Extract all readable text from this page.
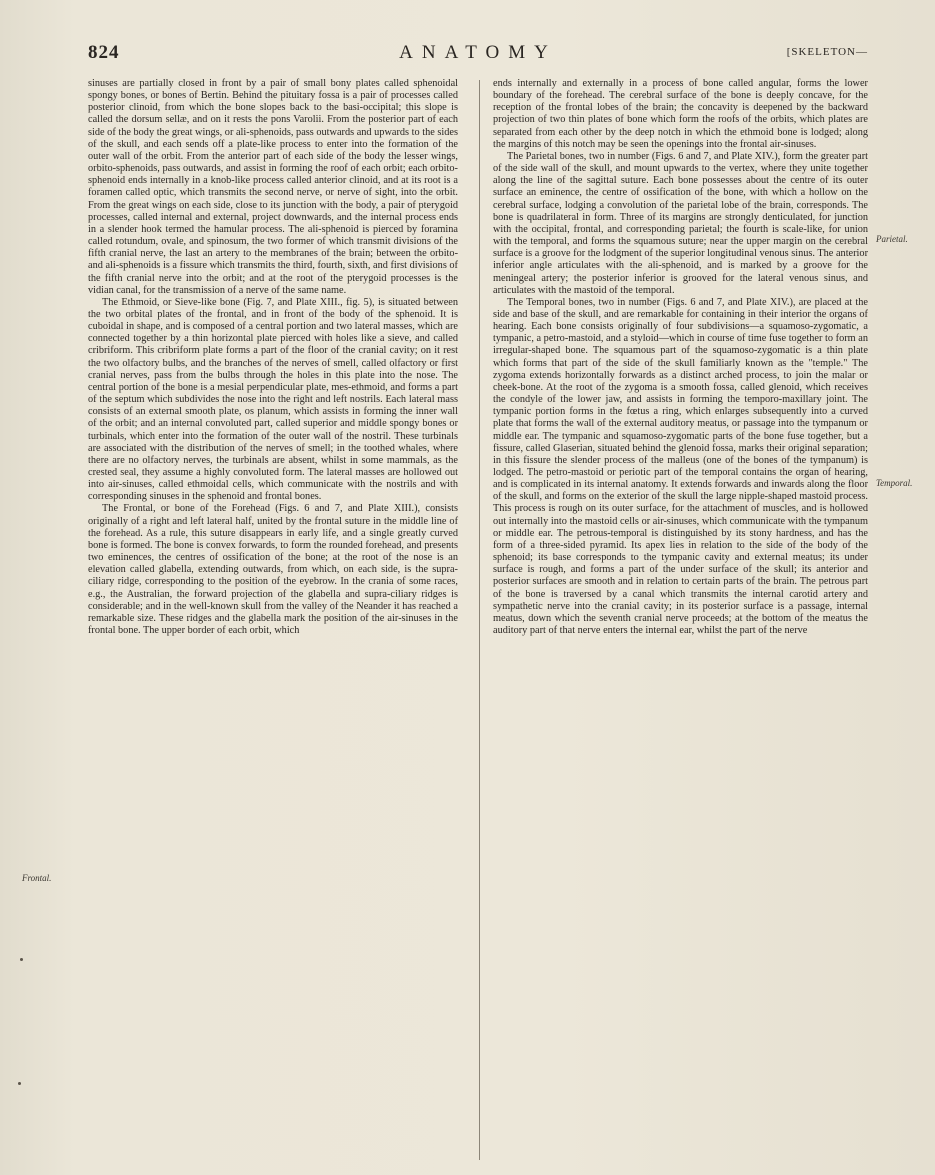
824	ANATOMY	[SKELETON—
Frontal.
Parietal.
Temporal.

sinuses are partially closed in front by a pair of small bony plates called sphenoidal spongy bones, or bones of Bertin. Behind the pituitary fossa is a pair of processes called posterior clinoid, from which the bone slopes back to the basi-occipital; this slope is called the dorsum sellæ, and on it rests the pons Varolii. From the posterior part of each side of the body the great wings, or ali-sphenoids, pass outwards and upwards to the sides of the skull, and each sends off a plate-like process to enter into the formation of the outer wall of the orbit. From the anterior part of each side of the body the lesser wings, orbito-sphenoids, pass outwards, and assist in forming the roof of each orbit; each orbito-sphenoid ends internally in a knob-like process called anterior clinoid, and at its root is a foramen called optic, which transmits the second nerve, or nerve of sight, into the orbit. From the great wings on each side, close to its junction with the body, a pair of pterygoid processes, called internal and external, project downwards, and the internal process ends in a slender hook termed the hamular process. The ali-sphenoid is pierced by foramina called rotundum, ovale, and spinosum, the two former of which transmit divisions of the fifth cranial nerve, the last an artery to the membranes of the brain; between the orbito- and ali-sphenoids is a fissure which transmits the third, fourth, sixth, and first divisions of the fifth cranial nerve into the orbit; and at the root of the pterygoid processes is the vidian canal, for the transmission of a nerve of the same name.

The Ethmoid, or Sieve-like bone (Fig. 7, and Plate XIII., fig. 5), is situated between the two orbital plates of the frontal, and in front of the body of the sphenoid. It is cuboidal in shape, and is composed of a central portion and two lateral masses, which are connected together by a thin horizontal plate pierced with holes like a sieve, and called cribriform. This cribriform plate forms a part of the floor of the cranial cavity; on it rest the two olfactory bulbs, and the branches of the nerves of smell, called olfactory or first cranial nerves, pass from the bulbs through the holes in this plate into the nose. The central portion of the bone is a mesial perpendicular plate, mes-ethmoid, and forms a part of the septum which subdivides the nose into the right and left nostrils. Each lateral mass consists of an external smooth plate, os planum, which assists in forming the inner wall of the orbit; and an internal convoluted part, called superior and middle spongy bones or turbinals, which enter into the formation of the outer wall of the nostril. These turbinals are associated with the distribution of the nerves of smell; in the toothed whales, where there are no olfactory nerves, the turbinals are absent, whilst in some mammals, as the crested seal, they assume a highly convoluted form. The lateral masses are hollowed out into air-sinuses, called ethmoidal cells, which communicate with the nostrils and with corresponding sinuses in the sphenoid and frontal bones.

The Frontal, or bone of the Forehead (Figs. 6 and 7, and Plate XIII.), consists originally of a right and left lateral half, united by the frontal suture in the middle line of the forehead. As a rule, this suture disappears in early life, and a single greatly curved bone is formed. The bone is convex forwards, to form the rounded forehead, and presents two eminences, the centres of ossification of the bone; at the root of the nose is an elevation called glabella, extending outwards, from which, on each side, is the supra-ciliary ridge, corresponding to the position of the eyebrow. In the crania of some races, e.g., the Australian, the forward projection of the glabella and supra-ciliary ridges is considerable; and in the well-known skull from the valley of the Neander it has reached a remarkable size. These ridges and the glabella mark the position of the air-sinuses in the frontal bone. The upper border of each orbit, which

ends internally and externally in a process of bone called angular, forms the lower boundary of the forehead. The cerebral surface of the bone is deeply concave, for the reception of the frontal lobes of the brain; the concavity is deepened by the backward projection of two thin plates of bone which form the roofs of the orbits, which plates are separated from each other by the deep notch in which the ethmoid bone is lodged; along the margins of this notch may be seen the openings into the frontal air-sinuses.

The Parietal bones, two in number (Figs. 6 and 7, and Plate XIV.), form the greater part of the side wall of the skull, and mount upwards to the vertex, where they unite together along the line of the sagittal suture. Each bone possesses about the centre of its outer surface an eminence, the centre of ossification of the bone, with which a hollow on the cerebral surface, lodging a convolution of the parietal lobe of the brain, corresponds. The bone is quadrilateral in form. Three of its margins are strongly denticulated, for junction with the occipital, frontal, and corresponding parietal; the fourth is scale-like, for union with the temporal, and forms the squamous suture; near the upper margin on the cerebral surface is a groove for the lodgment of the superior longitudinal venous sinus. The anterior inferior angle articulates with the ali-sphenoid, and is marked by a groove for the meningeal artery; the posterior inferior is grooved for the lateral venous sinus, and articulates with the mastoid of the temporal.

The Temporal bones, two in number (Figs. 6 and 7, and Plate XIV.), are placed at the side and base of the skull, and are remarkable for containing in their interior the organs of hearing. Each bone consists originally of four subdivisions—a squamoso-zygomatic, a tympanic, a petro-mastoid, and a styloid—which in course of time fuse together to form an irregular-shaped bone. The squamous part of the squamoso-zygomatic is a thin plate which forms that part of the side of the skull familiarly known as the "temple." The zygoma extends horizontally forwards as a distinct arched process, to join the malar or cheek-bone. At the root of the zygoma is a smooth fossa, called glenoid, which receives the condyle of the lower jaw, and assists in forming the temporo-maxillary joint. The tympanic portion forms in the fœtus a ring, which enlarges subsequently into a curved plate that forms the wall of the external auditory meatus, or passage into the tympanum or middle ear. The tympanic and squamoso-zygomatic parts of the bone fuse together, but a fissure, called Glaserian, situated behind the glenoid fossa, marks their original separation; in this fissure the slender process of the malleus (one of the bones of the tympanum) is lodged. The petro-mastoid or periotic part of the temporal contains the organ of hearing, and is complicated in its internal anatomy. It extends forwards and inwards along the floor of the skull, and forms on the exterior of the skull the large nipple-shaped mastoid process. This process is rough on its outer surface, for the attachment of muscles, and is hollowed out internally into the mastoid cells or air-sinuses, which communicate with the tympanum or middle ear. The petrous-temporal is distinguished by its stony hardness, and has the form of a three-sided pyramid. Its apex lies in relation to the side of the body of the sphenoid; its base corresponds to the tympanic cavity and external meatus; its under surface is rough, and forms a part of the under surface of the skull; its anterior and posterior surfaces are smooth and in relation to certain parts of the brain. The petrous part of the bone is traversed by a canal which transmits the internal carotid artery and sympathetic nerve into the cranial cavity; in its posterior surface is a passage, internal meatus, down which the seventh cranial nerve proceeds; at the bottom of the meatus the auditory part of that nerve enters the internal ear, whilst the part of the nerve
